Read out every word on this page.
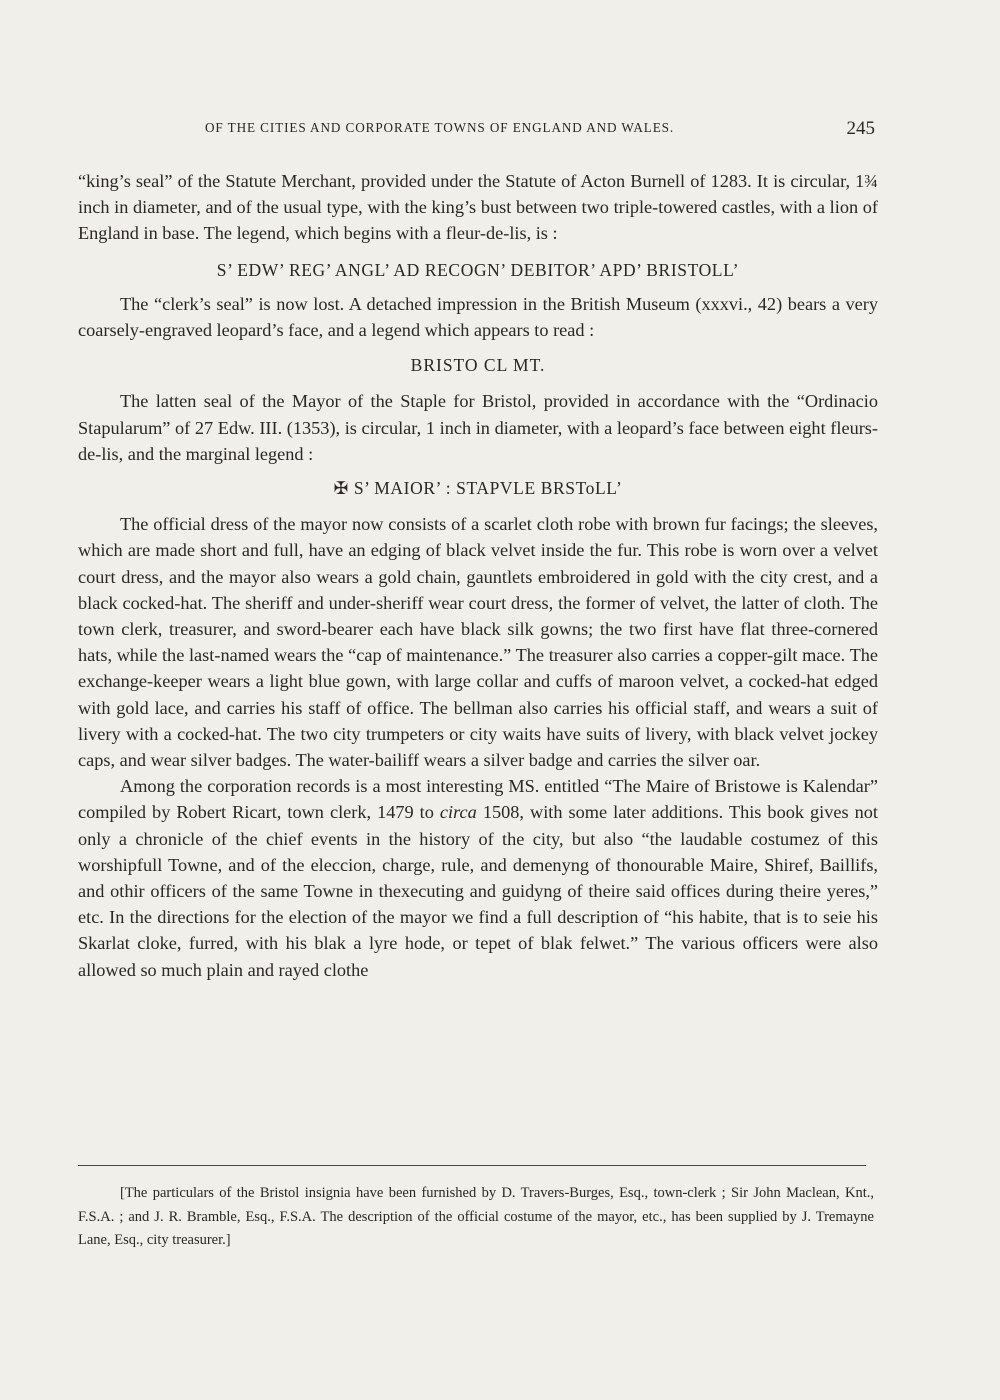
OF THE CITIES AND CORPORATE TOWNS OF ENGLAND AND WALES.	245

“king’s seal” of the Statute Merchant, provided under the Statute of Acton Burnell of 1283. It is circular, 1¾ inch in diameter, and of the usual type, with the king’s bust between two triple-towered castles, with a lion of England in base. The legend, which begins with a fleur-de-lis, is :

S’ EDW’ REG’ ANGL’ AD RECOGN’ DEBITOR’ APD’ BRISTOLL’

The “clerk’s seal” is now lost. A detached impression in the British Museum (xxxvi., 42) bears a very coarsely-engraved leopard’s face, and a legend which appears to read :

BRISTO CL MT.

The latten seal of the Mayor of the Staple for Bristol, provided in accordance with the “Ordinacio Stapularum” of 27 Edw. III. (1353), is circular, 1 inch in diameter, with a leopard’s face between eight fleurs-de-lis, and the marginal legend :

✠ S’ MAIOR’ : STAPVLE BRSToLL’

The official dress of the mayor now consists of a scarlet cloth robe with brown fur facings; the sleeves, which are made short and full, have an edging of black velvet inside the fur. This robe is worn over a velvet court dress, and the mayor also wears a gold chain, gauntlets embroidered in gold with the city crest, and a black cocked-hat. The sheriff and under-sheriff wear court dress, the former of velvet, the latter of cloth. The town clerk, treasurer, and sword-bearer each have black silk gowns; the two first have flat three-cornered hats, while the last-named wears the “cap of maintenance.” The treasurer also carries a copper-gilt mace. The exchange-keeper wears a light blue gown, with large collar and cuffs of maroon velvet, a cocked-hat edged with gold lace, and carries his staff of office. The bellman also carries his official staff, and wears a suit of livery with a cocked-hat. The two city trumpeters or city waits have suits of livery, with black velvet jockey caps, and wear silver badges. The water-bailiff wears a silver badge and carries the silver oar.

Among the corporation records is a most interesting MS. entitled “The Maire of Bristowe is Kalendar” compiled by Robert Ricart, town clerk, 1479 to circa 1508, with some later additions. This book gives not only a chronicle of the chief events in the history of the city, but also “the laudable costumez of this worshipfull Towne, and of the eleccion, charge, rule, and demenyng of thonourable Maire, Shiref, Baillifs, and othir officers of the same Towne in thexecuting and guidyng of theire said offices during theire yeres,” etc. In the directions for the election of the mayor we find a full description of “his habite, that is to seie his Skarlat cloke, furred, with his blak a lyre hode, or tepet of blak felwet.” The various officers were also allowed so much plain and rayed clothe

[The particulars of the Bristol insignia have been furnished by D. Travers-Burges, Esq., town-clerk ; Sir John Maclean, Knt., F.S.A. ; and J. R. Bramble, Esq., F.S.A. The description of the official costume of the mayor, etc., has been supplied by J. Tremayne Lane, Esq., city treasurer.]
